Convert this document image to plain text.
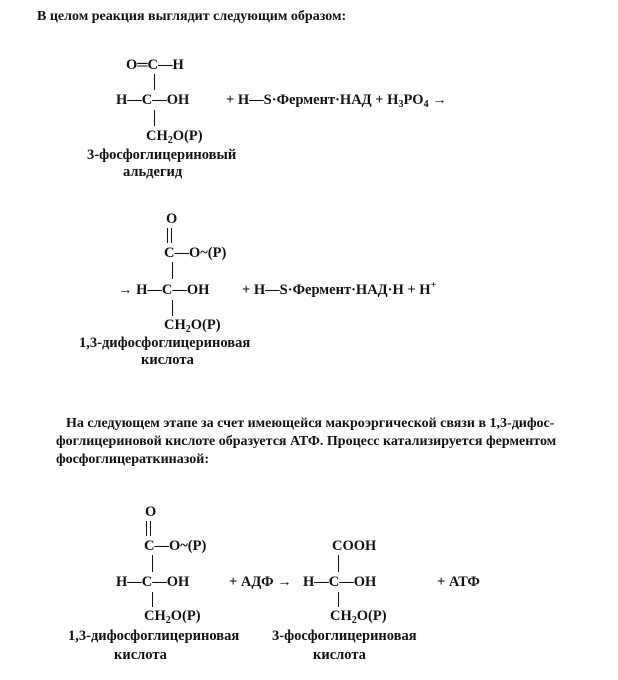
В целом реакция выглядит следующим образом:
O═C—H
H—C—OH
$CH_2O(P)$
3-фосфоглицериновый
альдегид
+ H—S·Фермент·НАД + $H_3PO_4$ →
O
C—O~(P)
→ H—C—OH
$CH_2O(P)$
1,3-дифосфоглицериновая
кислота
+ H—S·Фермент·НАД·H + H+
На следующем этапе за счет имеющейся макроэргической связи в 1,3-дифос-
фоглицериновой кислоте образуется АТФ. Процесс катализируется ферментом
фосфоглицераткиназой:
O
C—O~(P)
H—C—OH
$CH_2O(P)$
1,3-дифосфоглицериновая
кислота
+ АДФ →
COOH
H—C—OH
$CH_2O(P)$
3-фосфоглицериновая
кислота
+ АТФ
